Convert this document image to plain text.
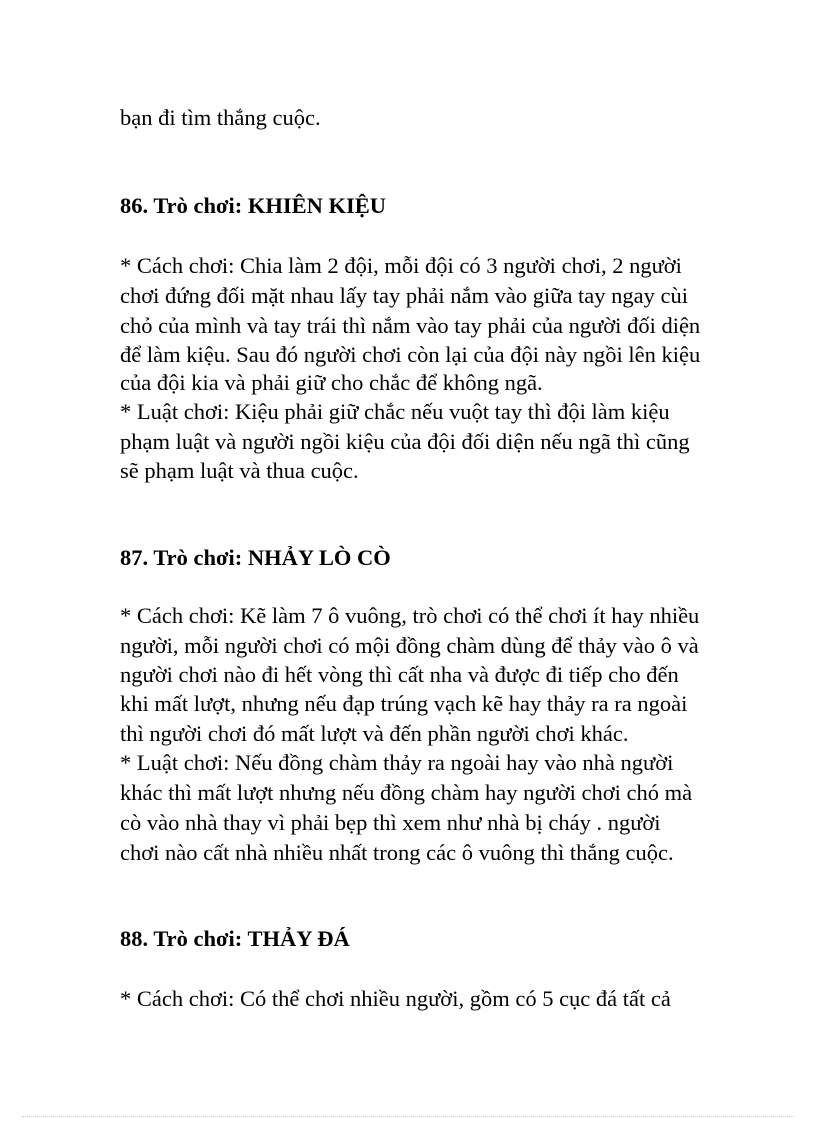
bạn đi tìm thắng cuộc.
86. Trò chơi: KHIÊN KIỆU
* Cách chơi: Chia làm 2 đội, mỗi đội có 3 người chơi, 2 người
chơi đứng đối mặt nhau lấy tay phải nắm vào giữa tay ngay cùi
chỏ của mình và tay trái thì nắm vào tay phải của người đối diện
để làm kiệu. Sau đó người chơi còn lại của đội này ngồi lên kiệu
của đội kia và phải giữ cho chắc để không ngã.
* Luật chơi: Kiệu phải giữ chắc nếu vuột tay thì đội làm kiệu
phạm luật và người ngồi kiệu của đội đối diện nếu ngã thì cũng
sẽ phạm luật và thua cuộc.
87. Trò chơi: NHẢY LÒ CÒ
* Cách chơi: Kẽ làm 7 ô vuông, trò chơi có thể chơi ít hay nhiều
người, mỗi người chơi có mội đồng chàm dùng để thảy vào ô và
người chơi nào đi hết vòng thì cất nha và được đi tiếp cho đến
khi mất lượt, nhưng nếu đạp trúng vạch kẽ hay thảy ra ra ngoài
thì người chơi đó mất lượt và đến phần người chơi khác.
* Luật chơi: Nếu đồng chàm thảy ra ngoài hay vào nhà người
khác thì mất lượt nhưng nếu đồng chàm hay người chơi chó mà
cò vào nhà thay vì phải bẹp thì xem như nhà bị cháy . người
chơi nào cất nhà nhiều nhất trong các ô vuông thì thắng cuộc.
88. Trò chơi: THẢY ĐÁ
* Cách chơi: Có thể chơi nhiều người, gồm có 5 cục đá tất cả
